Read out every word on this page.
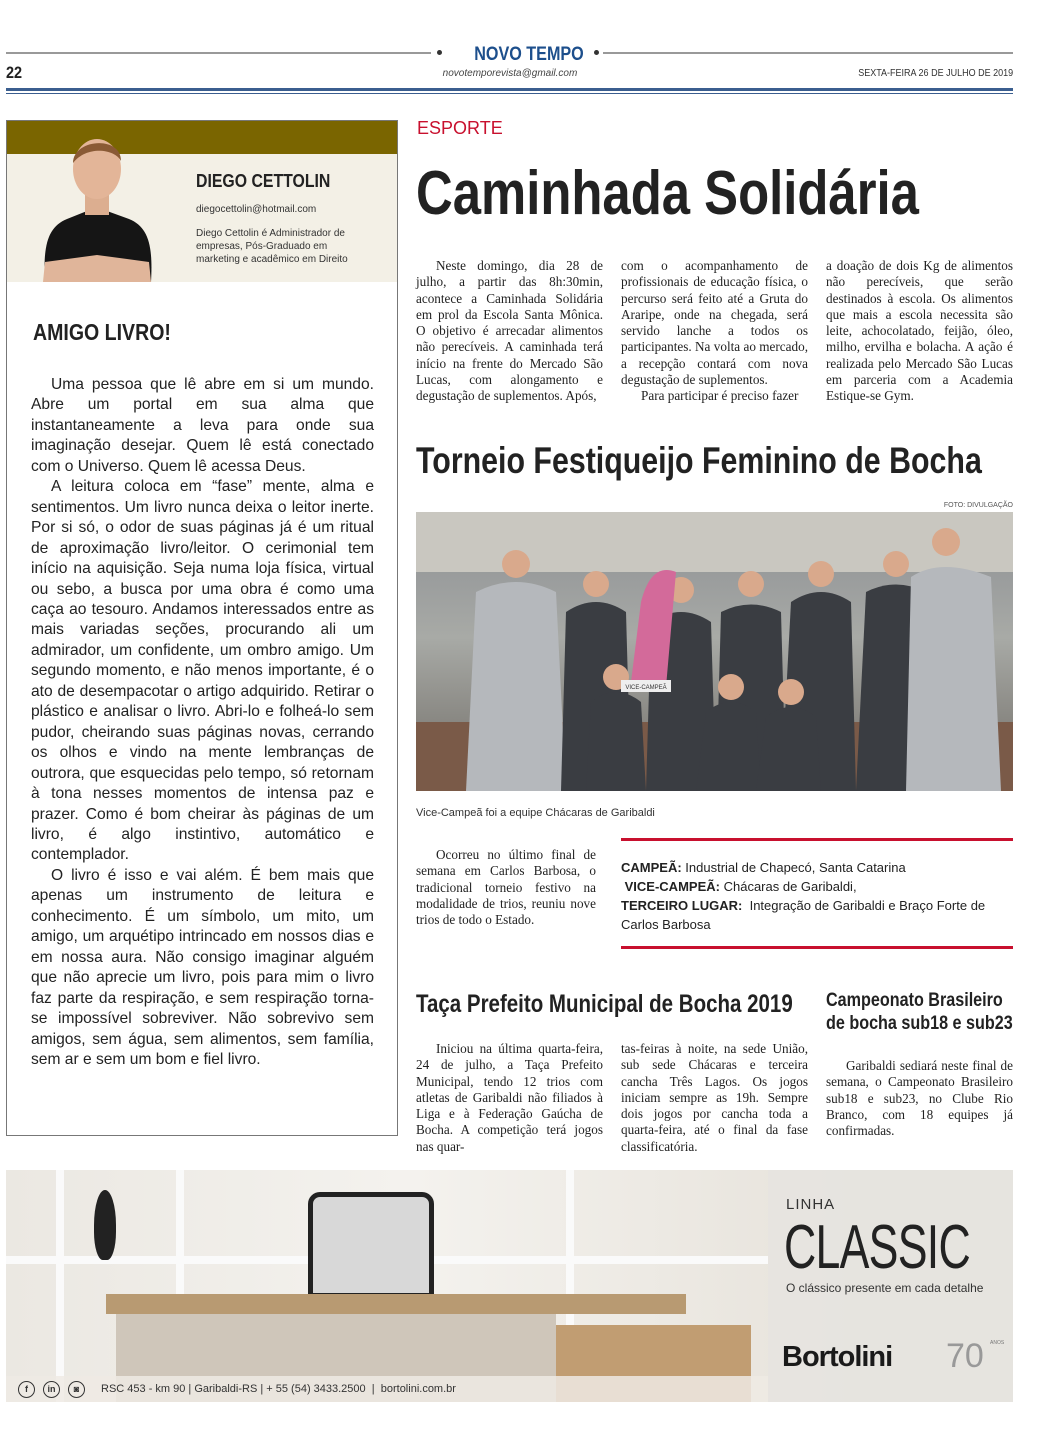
NOVO TEMPO
22	novotemporevista@gmail.com	SEXTA-FEIRA 26 DE JULHO DE 2019
DIEGO CETTOLIN
diegocettolin@hotmail.com
Diego Cettolin é Administrador de empresas, Pós-Graduado em marketing e acadêmico em Direito
AMIGO LIVRO!

Uma pessoa que lê abre em si um mundo. Abre um portal em sua alma que instantaneamente a leva para onde sua imaginação desejar. Quem lê está conectado com o Universo. Quem lê acessa Deus.

A leitura coloca em “fase” mente, alma e sentimentos. Um livro nunca deixa o leitor inerte. Por si só, o odor de suas páginas já é um ritual de aproximação livro/leitor. O cerimonial tem início na aquisição. Seja numa loja física, virtual ou sebo, a busca por uma obra é como uma caça ao tesouro. Andamos interessados entre as mais variadas seções, procurando ali um admirador, um confidente, um ombro amigo. Um segundo momento, e não menos importante, é o ato de desempacotar o artigo adquirido. Retirar o plástico e analisar o livro. Abri-lo e folheá-lo sem pudor, cheirando suas páginas novas, cerrando os olhos e vindo na mente lembranças de outrora, que esquecidas pelo tempo, só retornam à tona nesses momentos de intensa paz e prazer. Como é bom cheirar às páginas de um livro, é algo instintivo, automático e contemplador.

O livro é isso e vai além. É bem mais que apenas um instrumento de leitura e conhecimento. É um símbolo, um mito, um amigo, um arquétipo intrincado em nossos dias e em nossa aura. Não consigo imaginar alguém que não aprecie um livro, pois para mim o livro faz parte da respiração, e sem respiração torna-se impossível sobreviver. Não sobrevivo sem amigos, sem água, sem alimentos, sem família, sem ar e sem um bom e fiel livro.

ESPORTE
Caminhada Solidária

Neste domingo, dia 28 de julho, a partir das 8h:30min, acontece a Caminhada Solidária em prol da Escola Santa Mônica. O objetivo é arrecadar alimentos não perecíveis. A caminhada terá início na frente do Mercado São Lucas, com alongamento e degustação de suplementos. Após,

com o acompanhamento de profissionais de educação física, o percurso será feito até a Gruta do Araripe, onde na chegada, será servido lanche a todos os participantes. Na volta ao mercado, a recepção contará com nova degustação de suplementos.

Para participar é preciso fazer

a doação de dois Kg de alimentos não perecíveis, que serão destinados à escola. Os alimentos que mais a escola necessita são leite, achocolatado, feijão, óleo, milho, ervilha e bolacha. A ação é realizada pelo Mercado São Lucas em parceria com a Academia Estique-se Gym.

Torneio Festiqueijo Feminino de Bocha
FOTO: DIVULGAÇÃO
VICE-CAMPEÃ
Vice-Campeã foi a equipe Chácaras de Garibaldi

Ocorreu no último final de semana em Carlos Barbosa, o tradicional torneio festivo na modalidade de trios, reuniu nove trios de todo o Estado.

CAMPEÃ: Industrial de Chapecó, Santa Catarina
VICE-CAMPEÃ: Chácaras de Garibaldi,
TERCEIRO LUGAR: Integração de Garibaldi e Braço Forte de Carlos Barbosa
Taça Prefeito Municipal de Bocha 2019

Iniciou na última quarta-feira, 24 de julho, a Taça Prefeito Municipal, tendo 12 trios com atletas de Garibaldi não filiados à Liga e à Federação Gaúcha de Bocha. A competição terá jogos nas quar-

tas-feiras à noite, na sede União, sub sede Chácaras e terceira cancha Três Lagos. Os jogos iniciam sempre as 19h. Sempre dois jogos por cancha toda a quarta-feira, até o final da fase classificatória.

Campeonato Brasileiro
de bocha sub18 e sub23

Garibaldi sediará neste final de semana, o Campeonato Brasileiro sub18 e sub23, no Clube Rio Branco, com 18 equipes já confirmadas.

LINHA
CLASSIC
O clássico presente em cada detalhe
Bortolini 70 ANOS
f	in	◙	RSC 453 - km 90 | Garibaldi-RS | + 55 (54) 3433.2500  |  bortolini.com.br
